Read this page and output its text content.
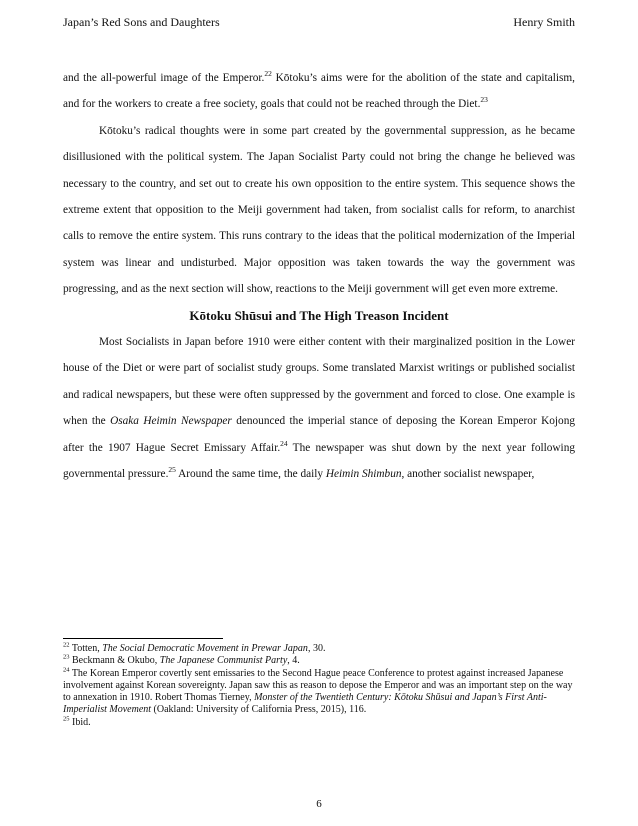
Japan’s Red Sons and Daughters	Henry Smith

and the all-powerful image of the Emperor.$^{22}$ Kōtoku’s aims were for the abolition of the state and capitalism, and for the workers to create a free society, goals that could not be reached through the Diet.$^{23}$

Kōtoku’s radical thoughts were in some part created by the governmental suppression, as he became disillusioned with the political system. The Japan Socialist Party could not bring the change he believed was necessary to the country, and set out to create his own opposition to the entire system. This sequence shows the extreme extent that opposition to the Meiji government had taken, from socialist calls for reform, to anarchist calls to remove the entire system. This runs contrary to the ideas that the political modernization of the Imperial system was linear and undisturbed. Major opposition was taken towards the way the government was progressing, and as the next section will show, reactions to the Meiji government will get even more extreme.

Kōtoku Shūsui and The High Treason Incident

Most Socialists in Japan before 1910 were either content with their marginalized position in the Lower house of the Diet or were part of socialist study groups. Some translated Marxist writings or published socialist and radical newspapers, but these were often suppressed by the government and forced to close. One example is when the Osaka Heimin Newspaper denounced the imperial stance of deposing the Korean Emperor Kojong after the 1907 Hague Secret Emissary Affair.$^{24}$ The newspaper was shut down by the next year following governmental pressure.$^{25}$ Around the same time, the daily Heimin Shimbun, another socialist newspaper,

$^{22}$ Totten, The Social Democratic Movement in Prewar Japan, 30.

$^{23}$ Beckmann & Okubo, The Japanese Communist Party, 4.

$^{24}$ The Korean Emperor covertly sent emissaries to the Second Hague peace Conference to protest against increased Japanese involvement against Korean sovereignty. Japan saw this as reason to depose the Emperor and was an important step on the way to annexation in 1910. Robert Thomas Tierney, Monster of the Twentieth Century: Kōtoku Shūsui and Japan’s First Anti-Imperialist Movement (Oakland: University of California Press, 2015), 116.

$^{25}$ Ibid.

6
